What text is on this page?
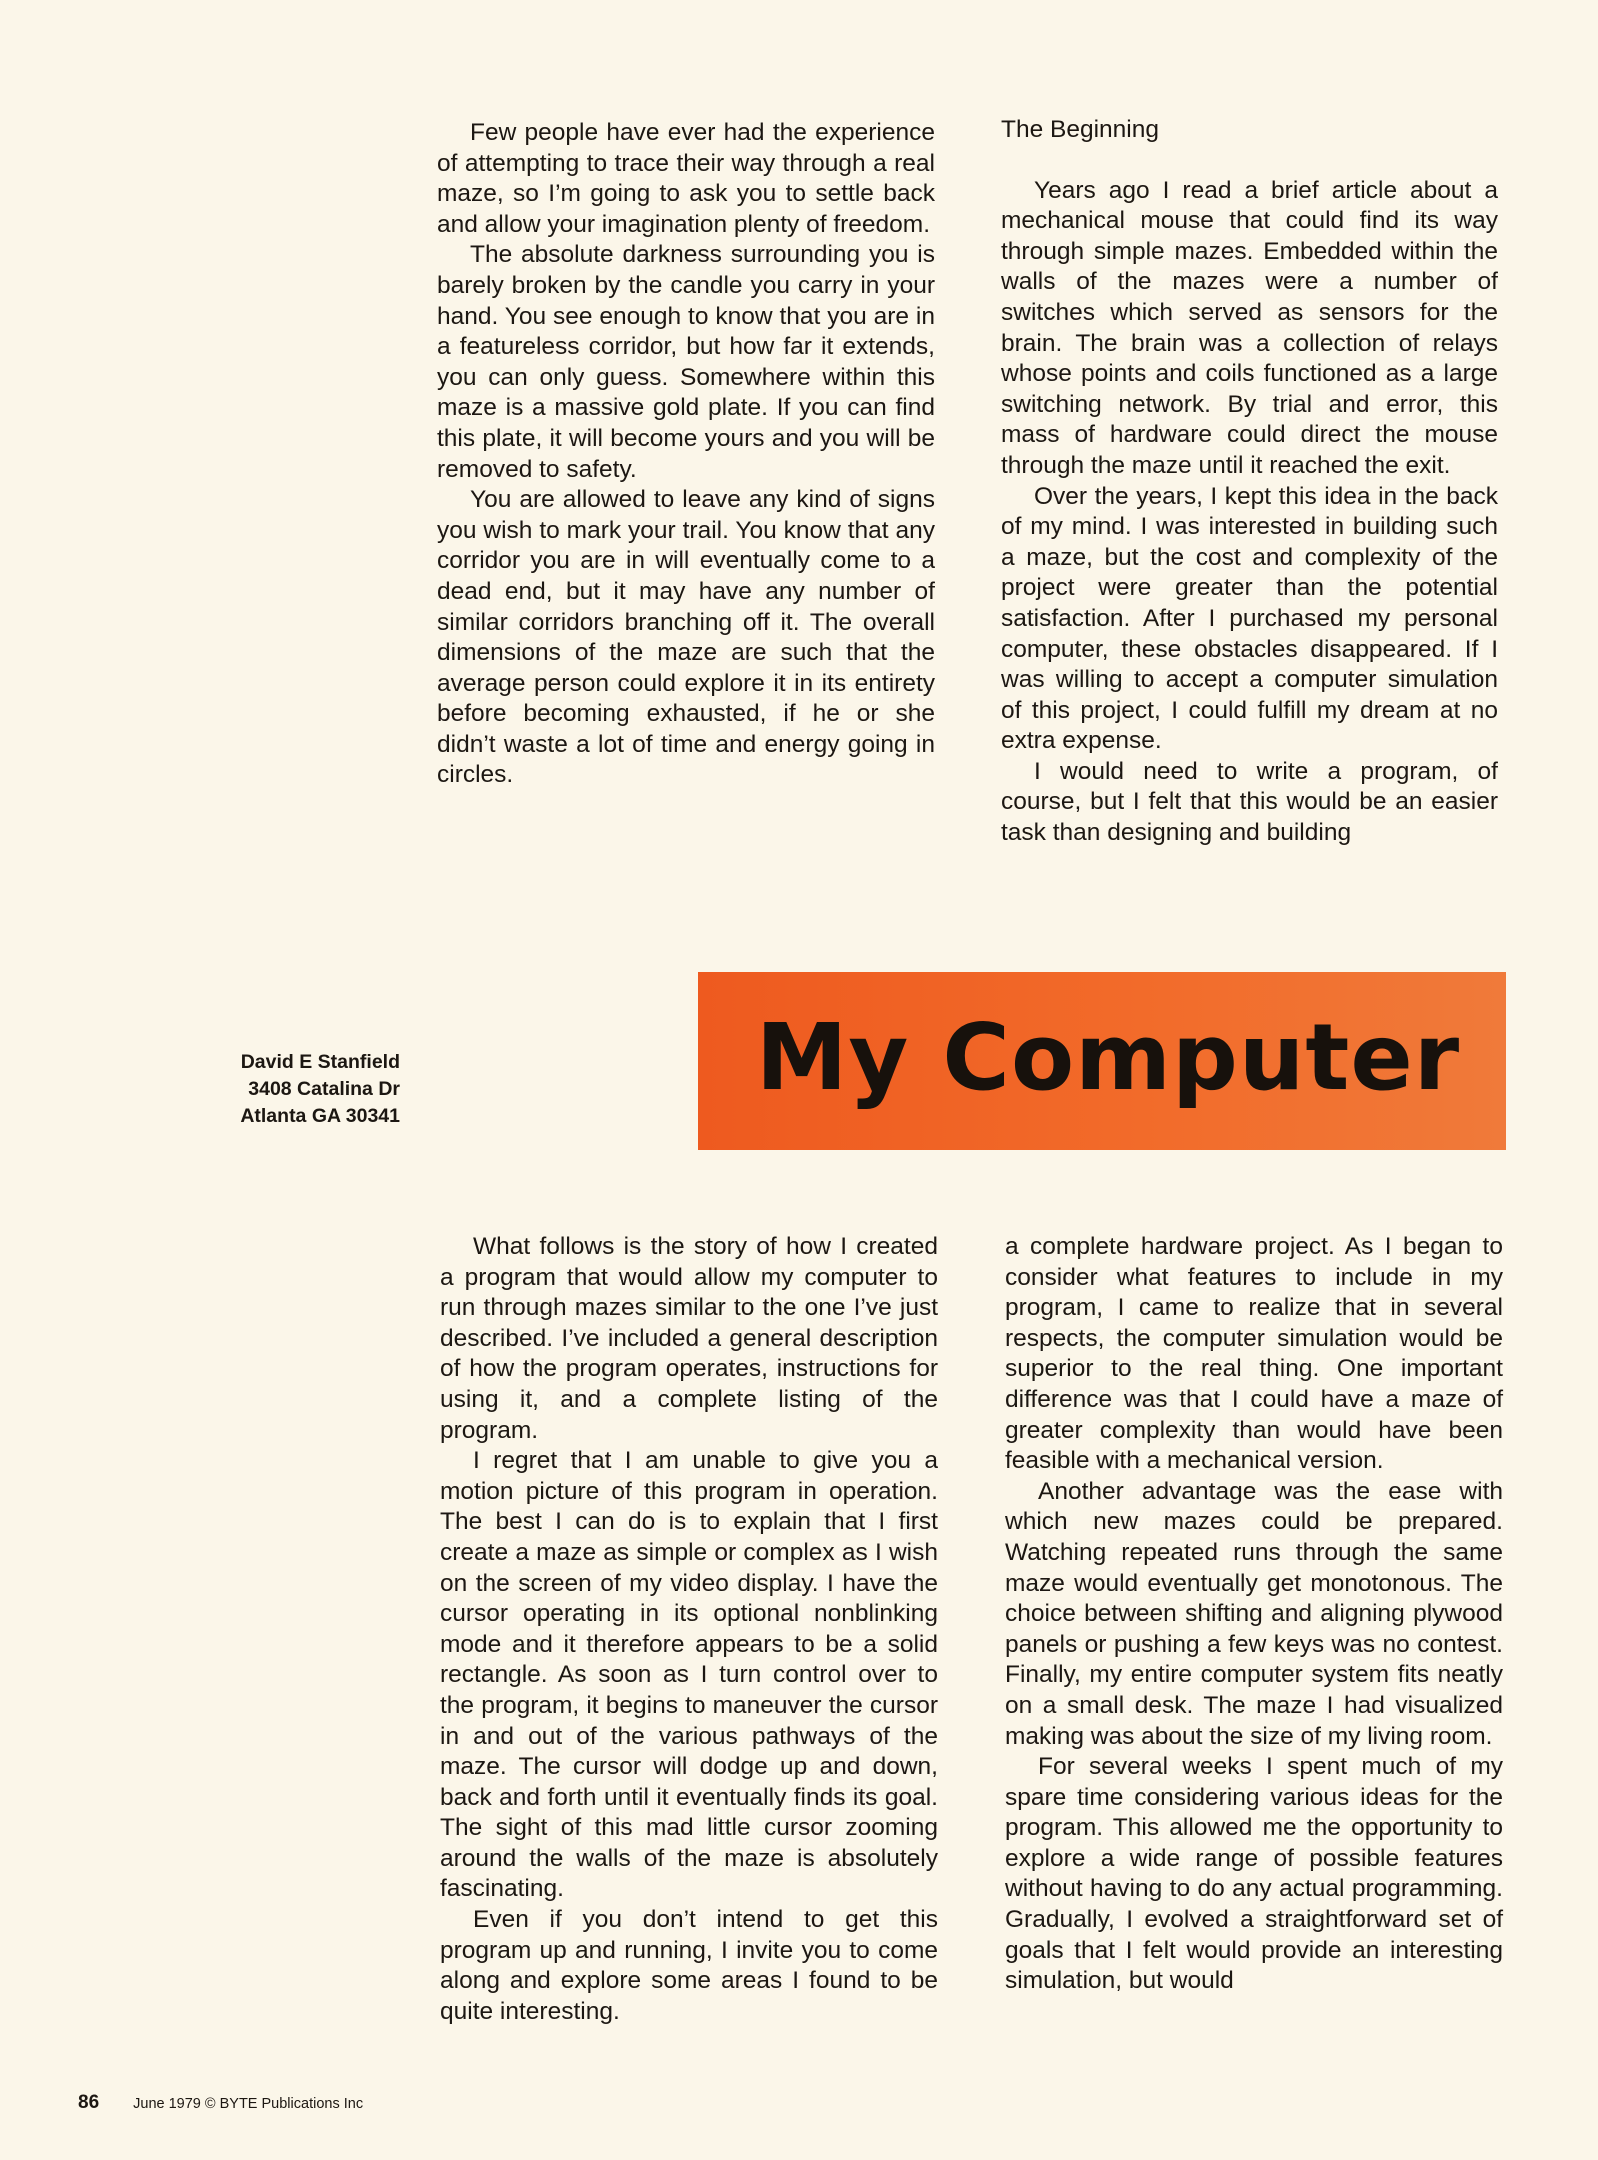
Few people have ever had the experience of attempting to trace their way through a real maze, so I’m going to ask you to settle back and allow your imagination plenty of freedom.

The absolute darkness surrounding you is barely broken by the candle you carry in your hand. You see enough to know that you are in a featureless corridor, but how far it extends, you can only guess. Somewhere within this maze is a massive gold plate. If you can find this plate, it will become yours and you will be removed to safety.

You are allowed to leave any kind of signs you wish to mark your trail. You know that any corridor you are in will eventually come to a dead end, but it may have any number of similar corridors branching off it. The overall dimensions of the maze are such that the average person could explore it in its entirety before becoming exhausted, if he or she didn’t waste a lot of time and energy going in circles.

The Beginning

Years ago I read a brief article about a mechanical mouse that could find its way through simple mazes. Embedded within the walls of the mazes were a number of switches which served as sensors for the brain. The brain was a collection of relays whose points and coils functioned as a large switching network. By trial and error, this mass of hardware could direct the mouse through the maze until it reached the exit.

Over the years, I kept this idea in the back of my mind. I was interested in building such a maze, but the cost and complexity of the project were greater than the potential satisfaction. After I purchased my personal computer, these obstacles disappeared. If I was willing to accept a computer simulation of this project, I could fulfill my dream at no extra expense.

I would need to write a program, of course, but I felt that this would be an easier task than designing and building

David E Stanfield
3408 Catalina Dr
Atlanta GA 30341
My Computer

What follows is the story of how I created a program that would allow my computer to run through mazes similar to the one I’ve just described. I’ve included a general description of how the program operates, instructions for using it, and a complete listing of the program.

I regret that I am unable to give you a motion picture of this program in operation. The best I can do is to explain that I first create a maze as simple or complex as I wish on the screen of my video display. I have the cursor operating in its optional nonblinking mode and it therefore appears to be a solid rectangle. As soon as I turn control over to the program, it begins to maneuver the cursor in and out of the various pathways of the maze. The cursor will dodge up and down, back and forth until it eventually finds its goal. The sight of this mad little cursor zooming around the walls of the maze is absolutely fascinating.

Even if you don’t intend to get this program up and running, I invite you to come along and explore some areas I found to be quite interesting.

a complete hardware project. As I began to consider what features to include in my program, I came to realize that in several respects, the computer simulation would be superior to the real thing. One important difference was that I could have a maze of greater complexity than would have been feasible with a mechanical version.

Another advantage was the ease with which new mazes could be prepared. Watching repeated runs through the same maze would eventually get monotonous. The choice between shifting and aligning plywood panels or pushing a few keys was no contest. Finally, my entire computer system fits neatly on a small desk. The maze I had visualized making was about the size of my living room.

For several weeks I spent much of my spare time considering various ideas for the program. This allowed me the opportunity to explore a wide range of possible features without having to do any actual programming. Gradually, I evolved a straightforward set of goals that I felt would provide an interesting simulation, but would

86 June 1979 © BYTE Publications Inc
